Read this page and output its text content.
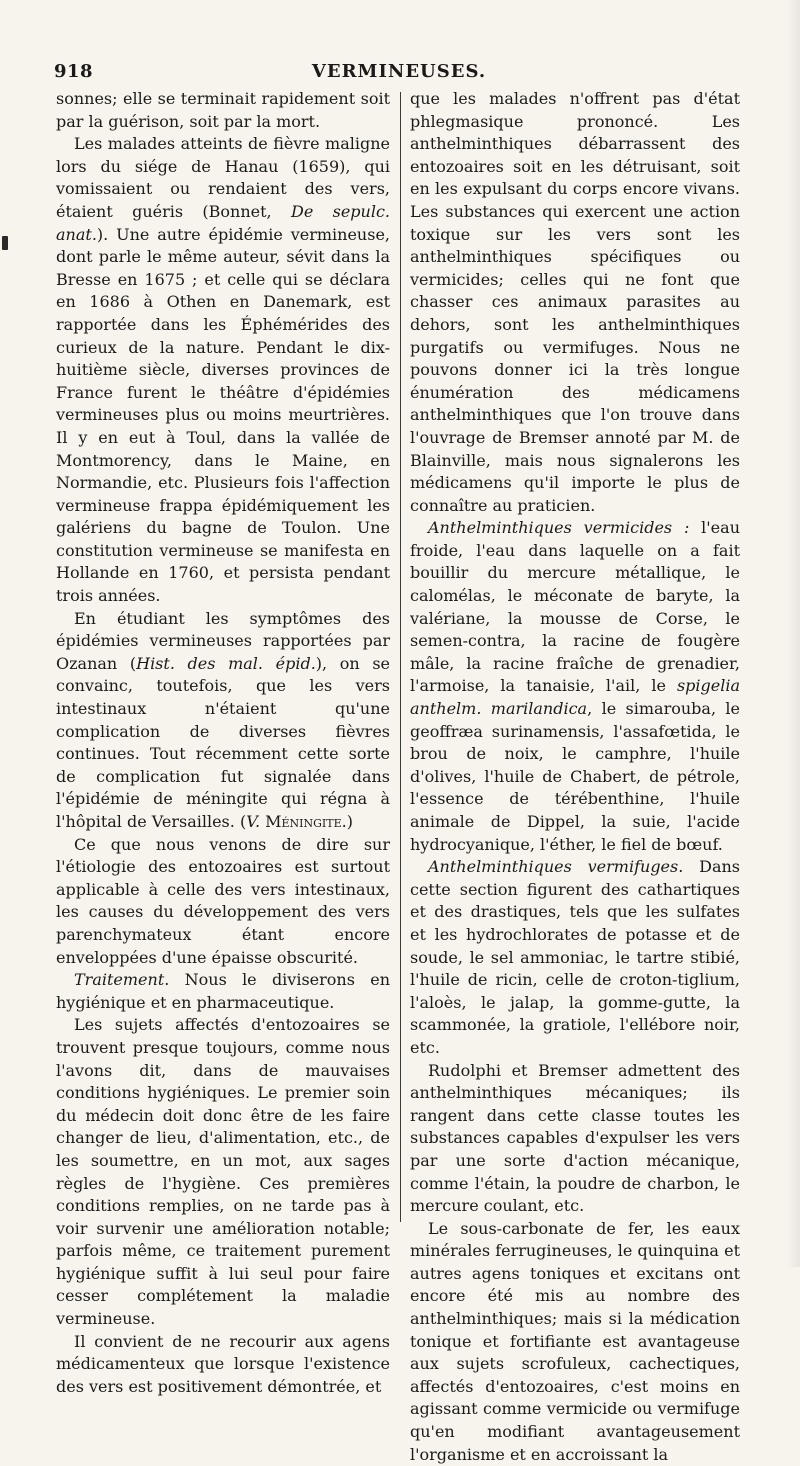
918	VERMINEUSES.

sonnes; elle se terminait rapidement soit par la guérison, soit par la mort.

Les malades atteints de fièvre maligne lors du siége de Hanau (1659), qui vomissaient ou rendaient des vers, étaient guéris (Bonnet, De sepulc. anat.). Une autre épidémie vermineuse, dont parle le même auteur, sévit dans la Bresse en 1675 ; et celle qui se déclara en 1686 à Othen en Danemark, est rapportée dans les Éphémérides des curieux de la nature. Pendant le dix-huitième siècle, diverses provinces de France furent le théâtre d'épidémies vermineuses plus ou moins meurtrières. Il y en eut à Toul, dans la vallée de Montmorency, dans le Maine, en Normandie, etc. Plusieurs fois l'affection vermineuse frappa épidémiquement les galériens du bagne de Toulon. Une constitution vermineuse se manifesta en Hollande en 1760, et persista pendant trois années.

En étudiant les symptômes des épidémies vermineuses rapportées par Ozanan (Hist. des mal. épid.), on se convainc, toutefois, que les vers intestinaux n'étaient qu'une complication de diverses fièvres continues. Tout récemment cette sorte de complication fut signalée dans l'épidémie de méningite qui régna à l'hôpital de Versailles. (V. Méningite.)

Ce que nous venons de dire sur l'étiologie des entozoaires est surtout applicable à celle des vers intestinaux, les causes du développement des vers parenchymateux étant encore enveloppées d'une épaisse obscurité.

Traitement. Nous le diviserons en hygiénique et en pharmaceutique.

Les sujets affectés d'entozoaires se trouvent presque toujours, comme nous l'avons dit, dans de mauvaises conditions hygiéniques. Le premier soin du médecin doit donc être de les faire changer de lieu, d'alimentation, etc., de les soumettre, en un mot, aux sages règles de l'hygiène. Ces premières conditions remplies, on ne tarde pas à voir survenir une amélioration notable; parfois même, ce traitement purement hygiénique suffit à lui seul pour faire cesser complétement la maladie vermineuse.

Il convient de ne recourir aux agens médicamenteux que lorsque l'existence des vers est positivement démontrée, et

que les malades n'offrent pas d'état phlegmasique prononcé. Les anthelminthiques débarrassent des entozoaires soit en les détruisant, soit en les expulsant du corps encore vivans. Les substances qui exercent une action toxique sur les vers sont les anthelminthiques spécifiques ou vermicides; celles qui ne font que chasser ces animaux parasites au dehors, sont les anthelminthiques purgatifs ou vermifuges. Nous ne pouvons donner ici la très longue énumération des médicamens anthelminthiques que l'on trouve dans l'ouvrage de Bremser annoté par M. de Blainville, mais nous signalerons les médicamens qu'il importe le plus de connaître au praticien.

Anthelminthiques vermicides : l'eau froide, l'eau dans laquelle on a fait bouillir du mercure métallique, le calomélas, le méconate de baryte, la valériane, la mousse de Corse, le semen-contra, la racine de fougère mâle, la racine fraîche de grenadier, l'armoise, la tanaisie, l'ail, le spigelia anthelm. marilandica, le simarouba, le geoffræa surinamensis, l'assafœtida, le brou de noix, le camphre, l'huile d'olives, l'huile de Chabert, de pétrole, l'essence de térébenthine, l'huile animale de Dippel, la suie, l'acide hydrocyanique, l'éther, le fiel de bœuf.

Anthelminthiques vermifuges. Dans cette section figurent des cathartiques et des drastiques, tels que les sulfates et les hydrochlorates de potasse et de soude, le sel ammoniac, le tartre stibié, l'huile de ricin, celle de croton-tiglium, l'aloès, le jalap, la gomme-gutte, la scammonée, la gratiole, l'ellébore noir, etc.

Rudolphi et Bremser admettent des anthelminthiques mécaniques; ils rangent dans cette classe toutes les substances capables d'expulser les vers par une sorte d'action mécanique, comme l'étain, la poudre de charbon, le mercure coulant, etc.

Le sous-carbonate de fer, les eaux minérales ferrugineuses, le quinquina et autres agens toniques et excitans ont encore été mis au nombre des anthelminthiques; mais si la médication tonique et fortifiante est avantageuse aux sujets scrofuleux, cachectiques, affectés d'entozoaires, c'est moins en agissant comme vermicide ou vermifuge qu'en modifiant avantageusement l'organisme et en accroissant la
